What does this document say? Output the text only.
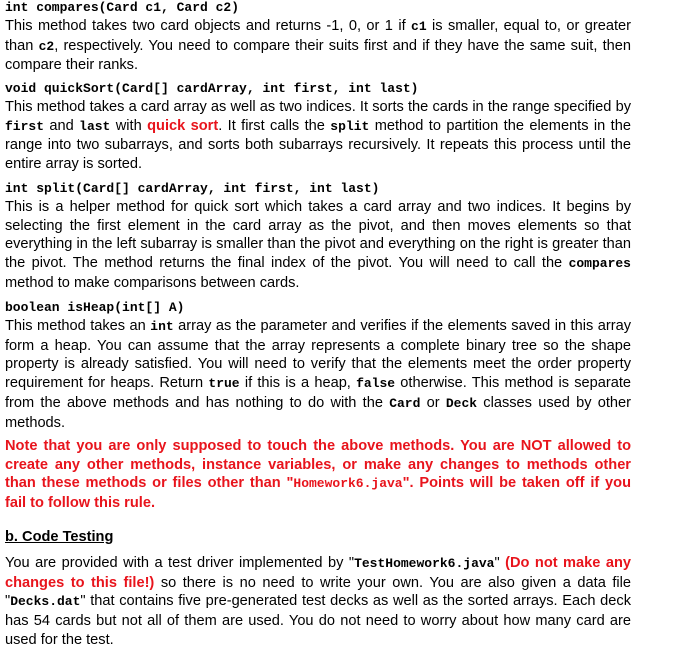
int compares(Card c1, Card c2)

This method takes two card objects and returns -1, 0, or 1 if c1 is smaller, equal to, or greater than c2, respectively. You need to compare their suits first and if they have the same suit, then compare their ranks.

void quickSort(Card[] cardArray, int first, int last)

This method takes a card array as well as two indices. It sorts the cards in the range specified by first and last with quick sort. It first calls the split method to partition the elements in the range into two subarrays, and sorts both subarrays recursively. It repeats this process until the entire array is sorted.

int split(Card[] cardArray, int first, int last)

This is a helper method for quick sort which takes a card array and two indices. It begins by selecting the first element in the card array as the pivot, and then moves elements so that everything in the left subarray is smaller than the pivot and everything on the right is greater than the pivot. The method returns the final index of the pivot. You will need to call the compares method to make comparisons between cards.

boolean isHeap(int[] A)

This method takes an int array as the parameter and verifies if the elements saved in this array form a heap. You can assume that the array represents a complete binary tree so the shape property is already satisfied. You will need to verify that the elements meet the order property requirement for heaps. Return true if this is a heap, false otherwise. This method is separate from the above methods and has nothing to do with the Card or Deck classes used by other methods.

Note that you are only supposed to touch the above methods. You are NOT allowed to create any other methods, instance variables, or make any changes to methods other than these methods or files other than "Homework6.java". Points will be taken off if you fail to follow this rule.

b. Code Testing

You are provided with a test driver implemented by "TestHomework6.java" (Do not make any changes to this file!) so there is no need to write your own. You are also given a data file "Decks.dat" that contains five pre-generated test decks as well as the sorted arrays. Each deck has 54 cards but not all of them are used. You do not need to worry about how many card are used for the test.
